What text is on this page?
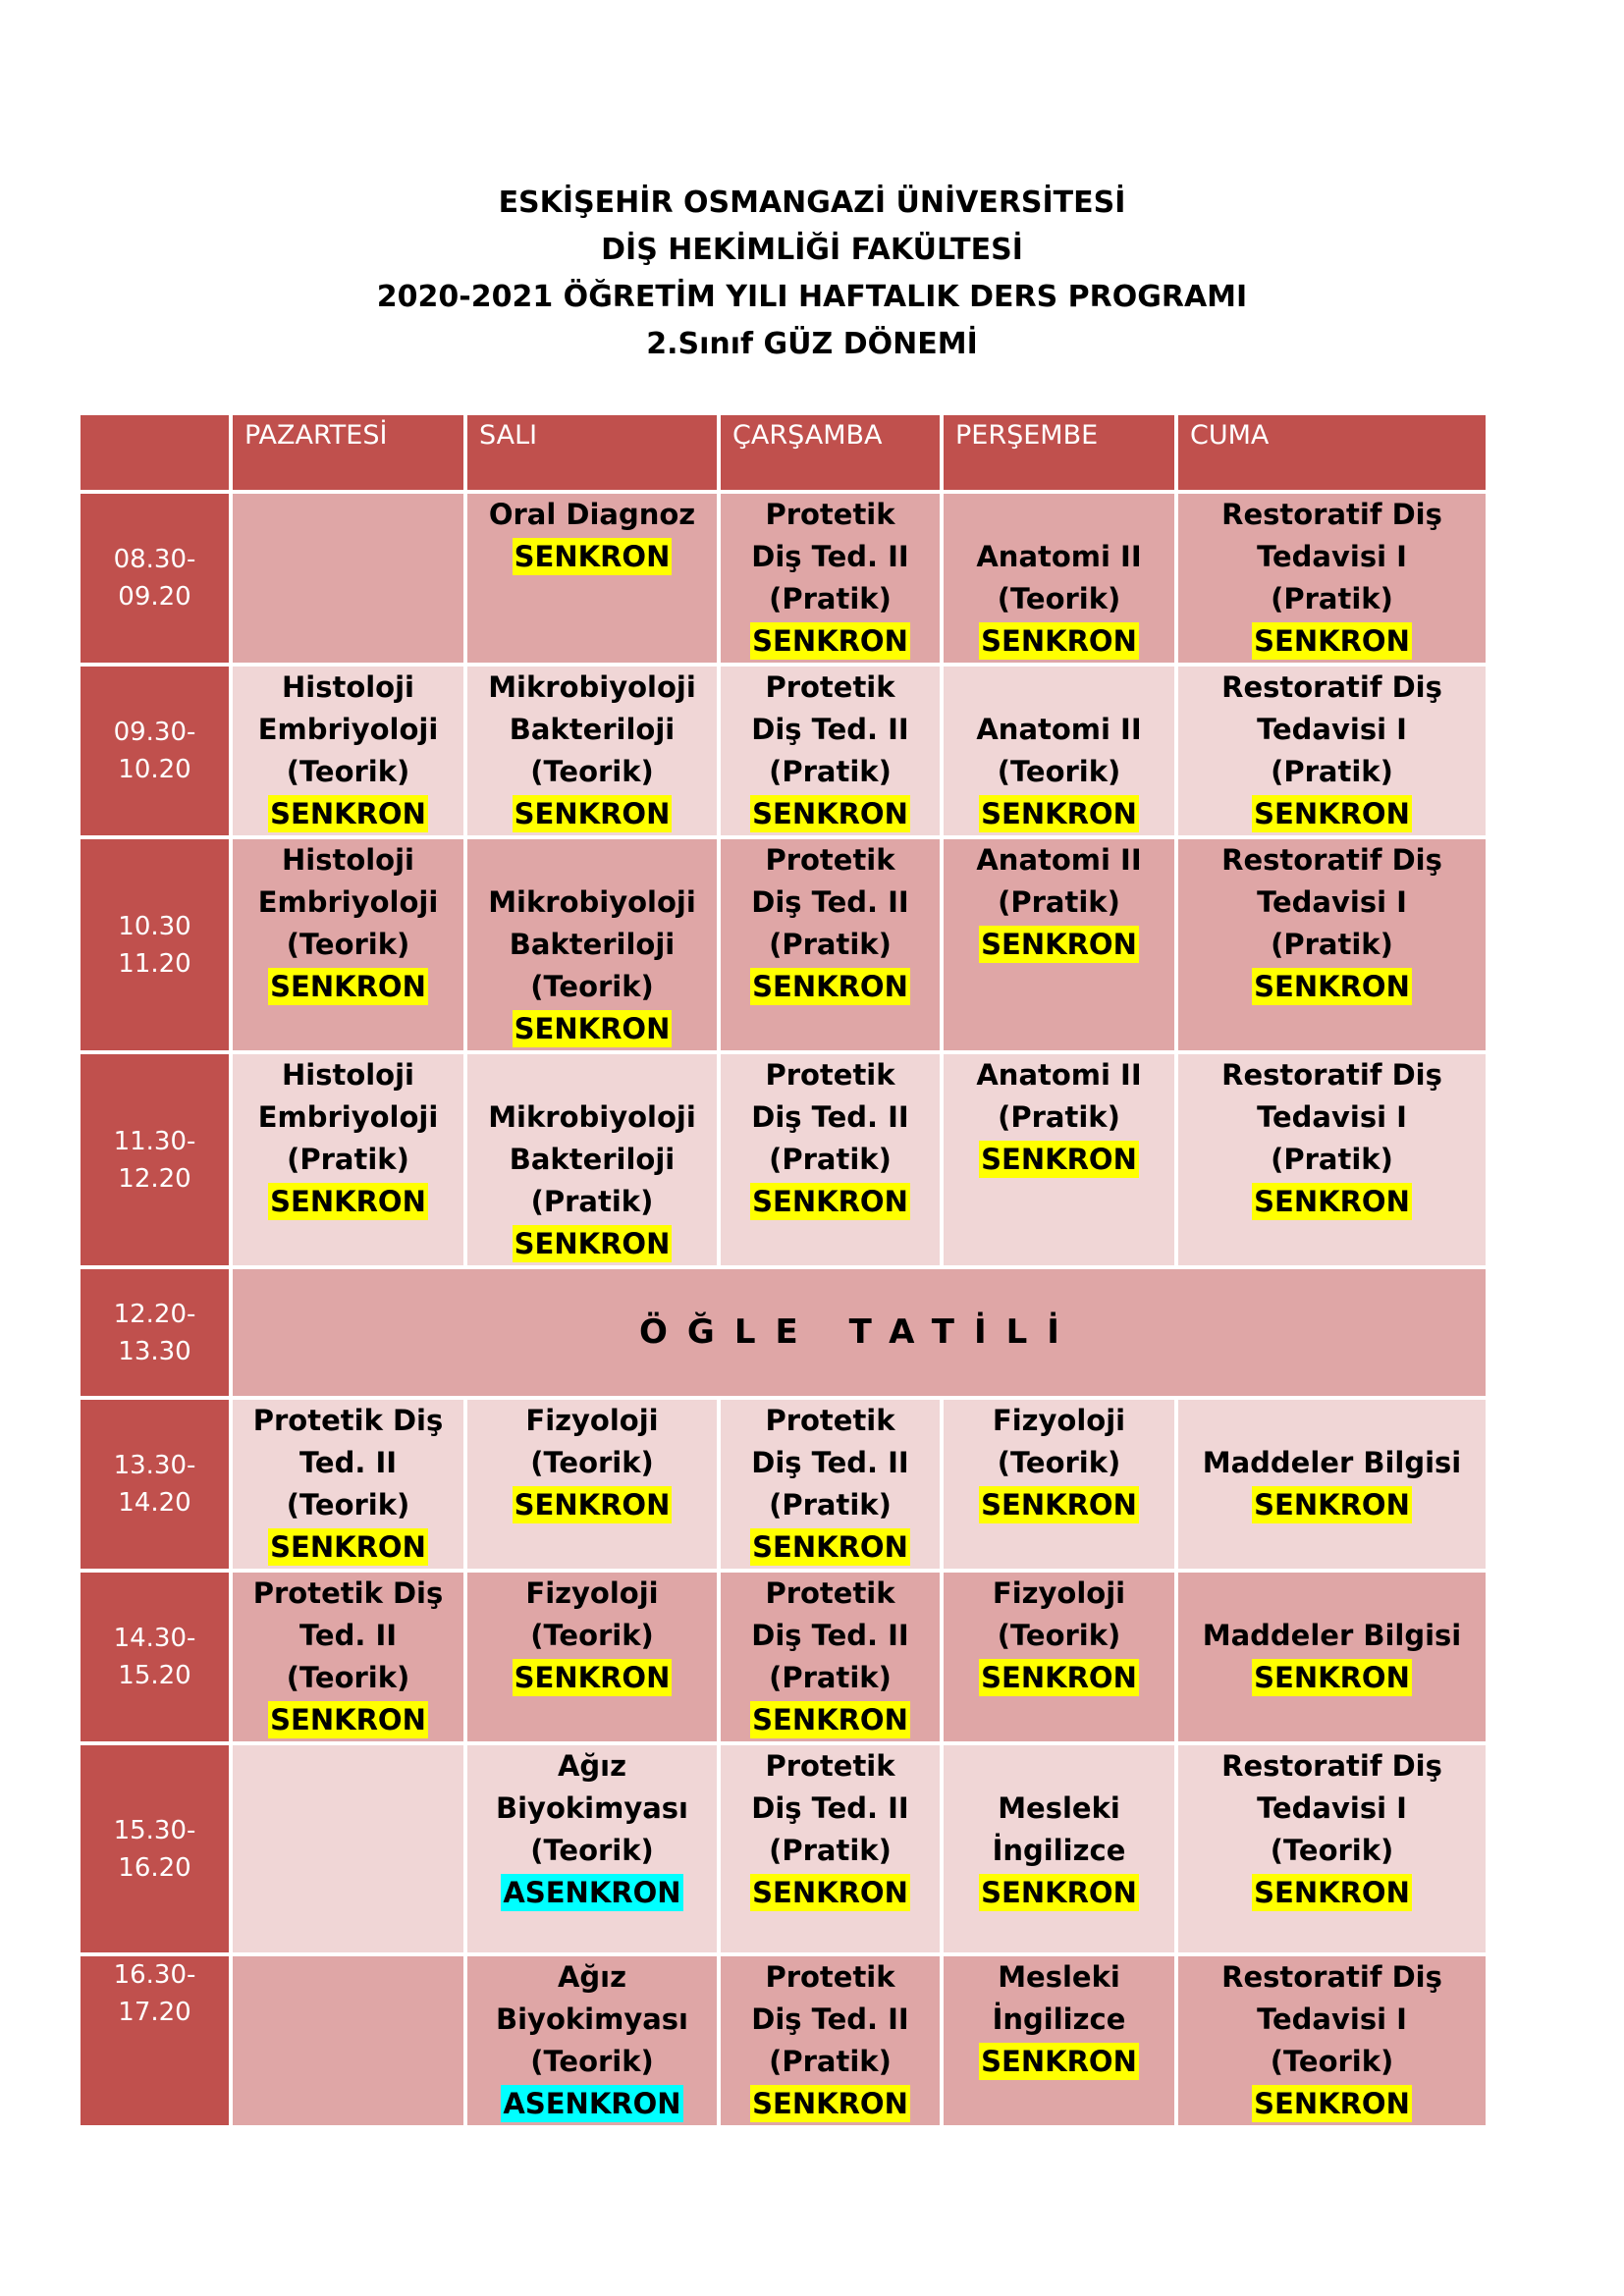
ESKİŞEHİR OSMANGAZİ ÜNİVERSİTESİ
DİŞ HEKİMLİĞİ FAKÜLTESİ
2020-2021 ÖĞRETİM YILI HAFTALIK DERS PROGRAMI
2.Sınıf GÜZ DÖNEMİ
	PAZARTESİ	SALI	ÇARŞAMBA	PERŞEMBE	CUMA

08.30-
09.20		Oral Diagnoz
SENKRON	Protetik
Diş Ted. II
(Pratik)
SENKRON	Anatomi II
(Teorik)
SENKRON	Restoratif Diş
Tedavisi I
(Pratik)
SENKRON

09.30-
10.20	Histoloji
Embriyoloji
(Teorik)
SENKRON	Mikrobiyoloji
Bakteriloji
(Teorik)
SENKRON	Protetik
Diş Ted. II
(Pratik)
SENKRON	Anatomi II
(Teorik)
SENKRON	Restoratif Diş
Tedavisi I
(Pratik)
SENKRON

10.30
11.20	Histoloji
Embriyoloji
(Teorik)
SENKRON	Mikrobiyoloji
Bakteriloji
(Teorik)
SENKRON	Protetik
Diş Ted. II
(Pratik)
SENKRON	Anatomi II
(Pratik)
SENKRON	Restoratif Diş
Tedavisi I
(Pratik)
SENKRON

11.30-
12.20	Histoloji
Embriyoloji
(Pratik)
SENKRON	Mikrobiyoloji
Bakteriloji
(Pratik)
SENKRON	Protetik
Diş Ted. II
(Pratik)
SENKRON	Anatomi II
(Pratik)
SENKRON	Restoratif Diş
Tedavisi I
(Pratik)
SENKRON

12.20-
13.30	ÖĞLE TATİLİ				

13.30-
14.20	Protetik Diş
Ted. II
(Teorik)
SENKRON	Fizyoloji
(Teorik)
SENKRON	Protetik
Diş Ted. II
(Pratik)
SENKRON	Fizyoloji
(Teorik)
SENKRON	Maddeler Bilgisi
SENKRON

14.30-
15.20	Protetik Diş
Ted. II
(Teorik)
SENKRON	Fizyoloji
(Teorik)
SENKRON	Protetik
Diş Ted. II
(Pratik)
SENKRON	Fizyoloji
(Teorik)
SENKRON	Maddeler Bilgisi
SENKRON

15.30-
16.20		Ağız
Biyokimyası
(Teorik)
ASENKRON	Protetik
Diş Ted. II
(Pratik)
SENKRON	Mesleki
İngilizce
SENKRON	Restoratif Diş
Tedavisi I
(Teorik)
SENKRON

16.30-
17.20		Ağız
Biyokimyası
(Teorik)
ASENKRON	Protetik
Diş Ted. II
(Pratik)
SENKRON	Mesleki
İngilizce
SENKRON	Restoratif Diş
Tedavisi I
(Teorik)
SENKRON
